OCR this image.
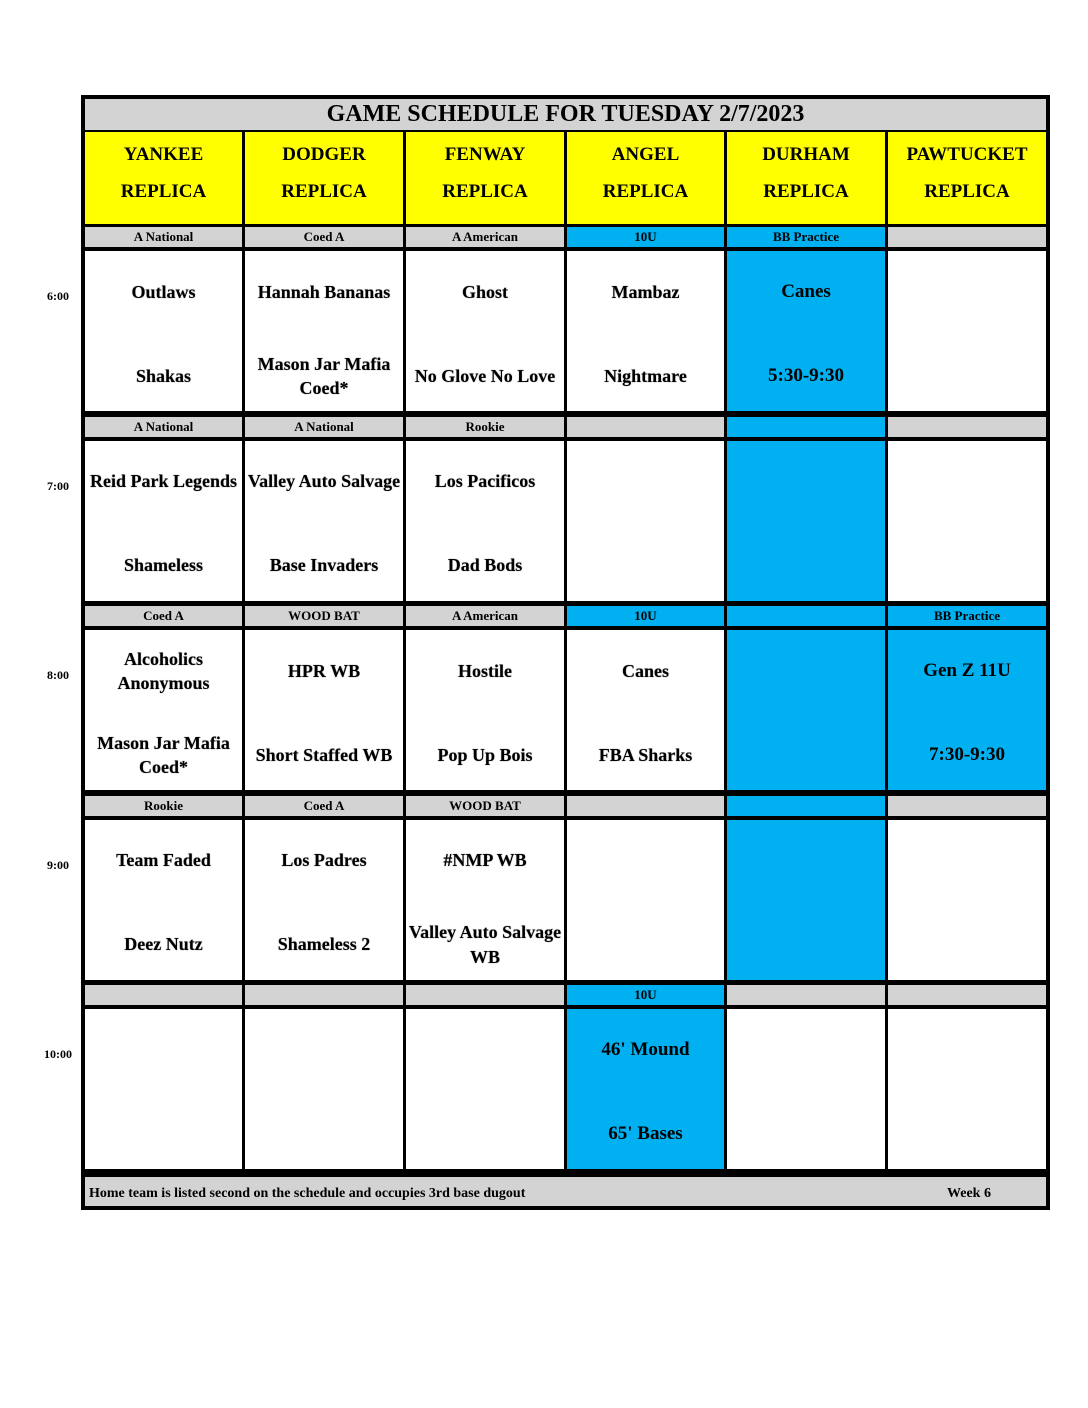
GAME SCHEDULE FOR TUESDAY 2/7/2023
YANKEE
REPLICA
DODGER
REPLICA
FENWAY
REPLICA
ANGEL
REPLICA
DURHAM
REPLICA
PAWTUCKET
REPLICA
A National
Outlaws
Shakas
Coed A
Hannah Bananas
Mason Jar Mafia Coed*
A American
Ghost
No Glove No Love
10U
Mambaz
Nightmare
BB Practice
Canes
5:30-9:30
A National
Reid Park Legends
Shameless
A National
Valley Auto Salvage
Base Invaders
Rookie
Los Pacificos
Dad Bods
Coed A
Alcoholics Anonymous
Mason Jar Mafia Coed*
WOOD BAT
HPR WB
Short Staffed WB
A American
Hostile
Pop Up Bois
10U
Canes
FBA Sharks
BB Practice
Gen Z 11U
7:30-9:30
Rookie
Team Faded
Deez Nutz
Coed A
Los Padres
Shameless 2
WOOD BAT
#NMP WB
Valley Auto Salvage WB
10U
46' Mound
65' Bases
Home team is listed second on the schedule and occupies 3rd base dugout	Week 6
6:00
7:00
8:00
9:00
10:00
